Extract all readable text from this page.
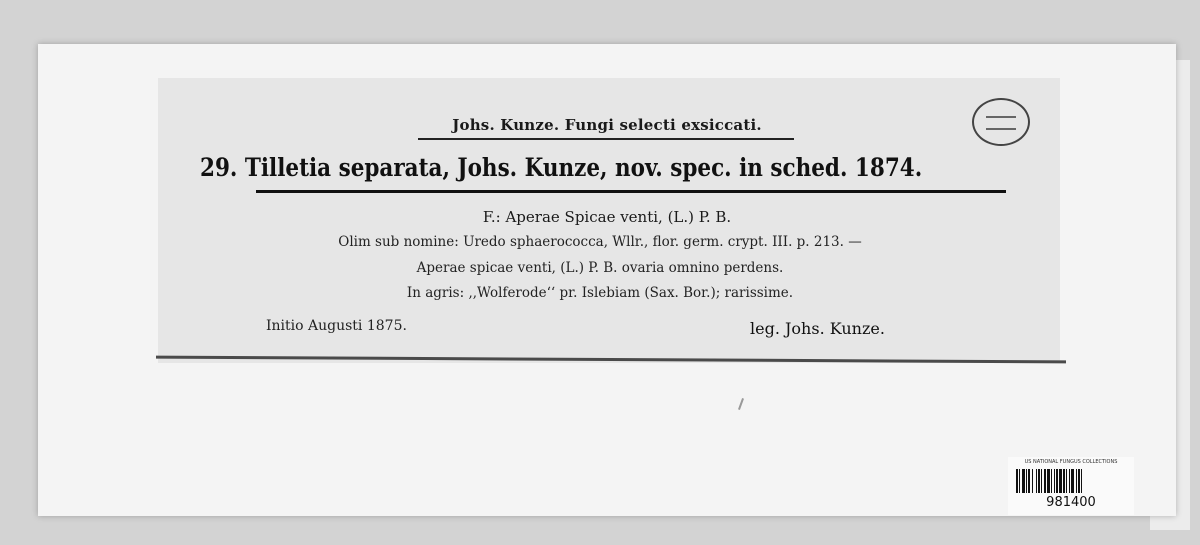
Johs. Kunze. Fungi selecti exsiccati.
29. Tilletia separata, Johs. Kunze, nov. spec. in sched. 1874.
F.: Aperae Spicae venti, (L.) P. B.
Olim sub nomine: Uredo sphaerococca, Wllr., flor. germ. crypt. III. p. 213. —
Aperae spicae venti, (L.) P. B. ovaria omnino perdens.
In agris: ,,Wolferode‘‘ pr. Islebiam (Sax. Bor.); rarissime.
Initio Augusti 1875.	leg. Johs. Kunze.
US NATIONAL FUNGUS COLLECTIONS
981400
